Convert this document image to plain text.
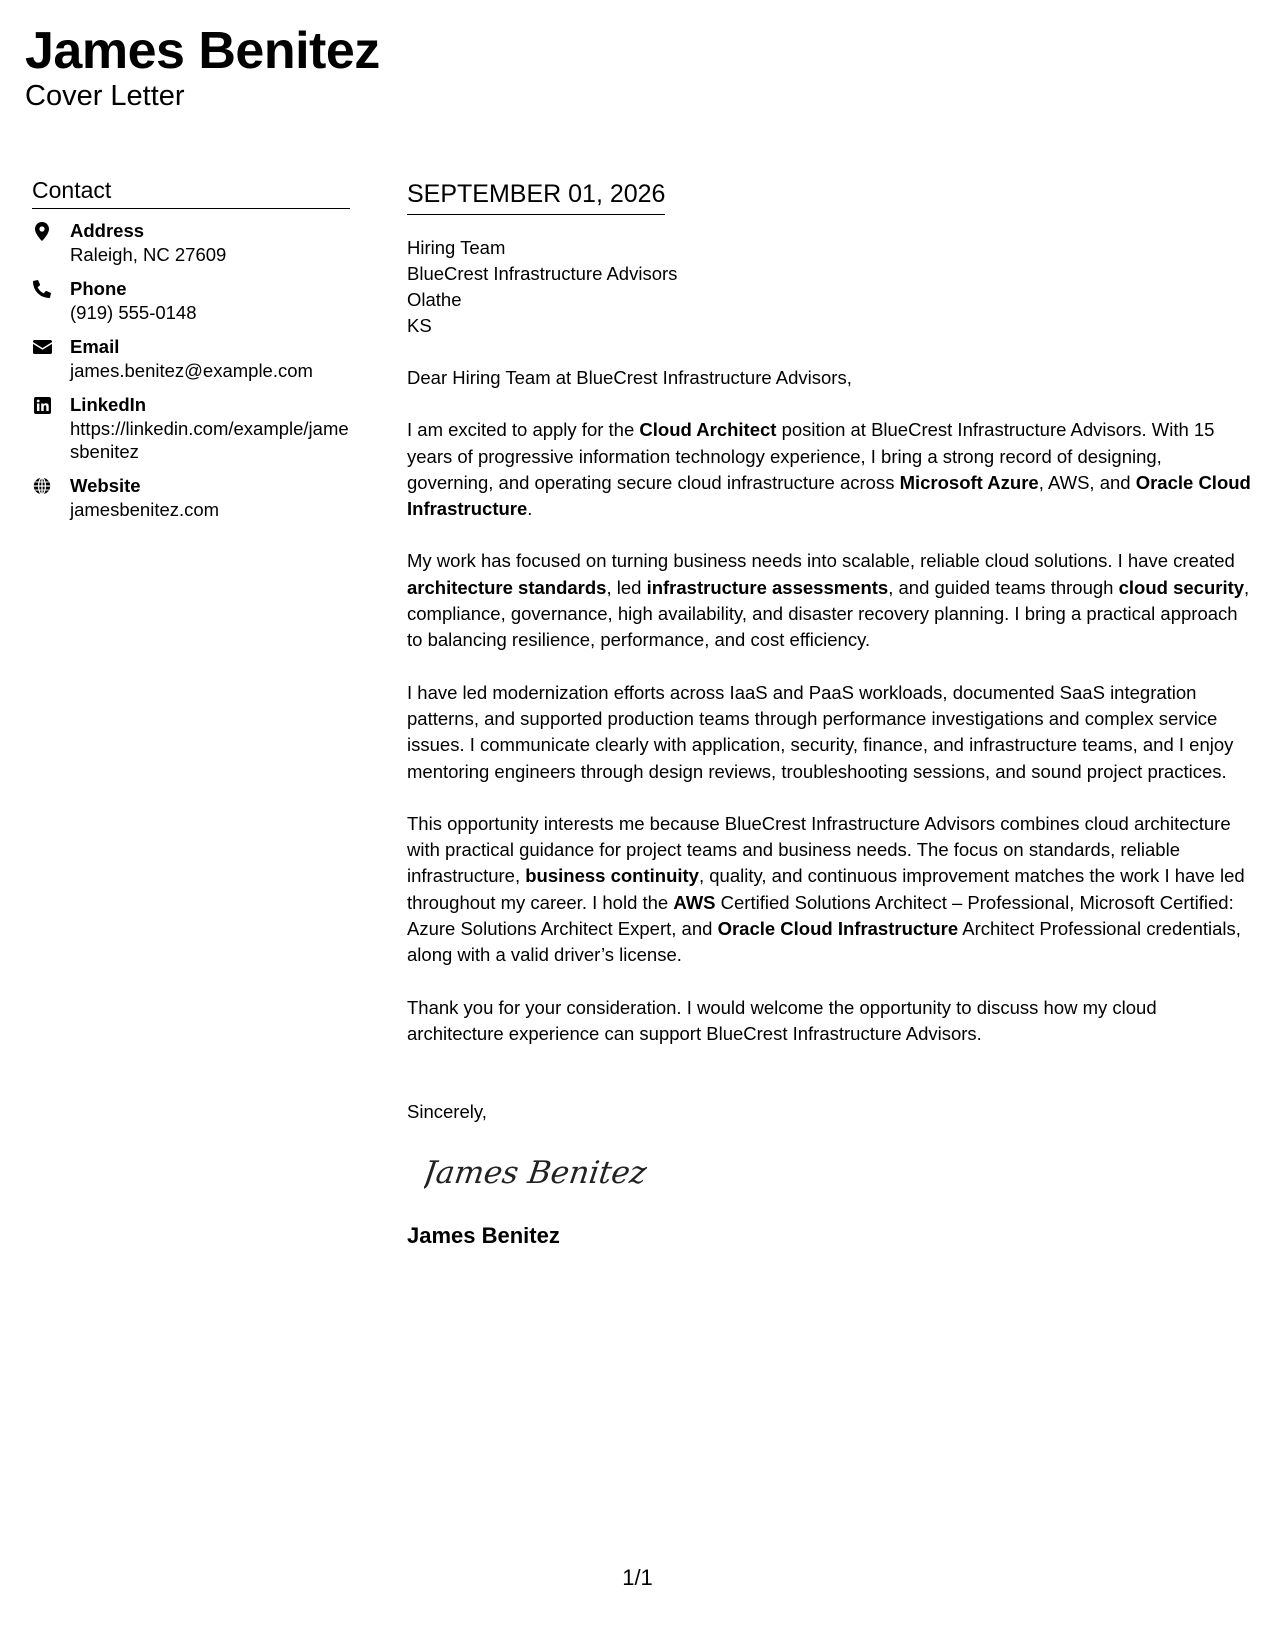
James Benitez
Cover Letter
Contact
Address
Raleigh, NC 27609
Phone
(919) 555-0148
Email
james.benitez@example.com
LinkedIn
https://linkedin.com/example/jamesbenitez
Website
jamesbenitez.com
SEPTEMBER 01, 2026
Hiring Team
BlueCrest Infrastructure Advisors
Olathe
KS

Dear Hiring Team at BlueCrest Infrastructure Advisors,

I am excited to apply for the Cloud Architect position at BlueCrest Infrastructure Advisors. With 15 years of progressive information technology experience, I bring a strong record of designing, governing, and operating secure cloud infrastructure across Microsoft Azure, AWS, and Oracle Cloud Infrastructure.

My work has focused on turning business needs into scalable, reliable cloud solutions. I have created architecture standards, led infrastructure assessments, and guided teams through cloud security, compliance, governance, high availability, and disaster recovery planning. I bring a practical approach to balancing resilience, performance, and cost efficiency.

I have led modernization efforts across IaaS and PaaS workloads, documented SaaS integration patterns, and supported production teams through performance investigations and complex service issues. I communicate clearly with application, security, finance, and infrastructure teams, and I enjoy mentoring engineers through design reviews, troubleshooting sessions, and sound project practices.

This opportunity interests me because BlueCrest Infrastructure Advisors combines cloud architecture with practical guidance for project teams and business needs. The focus on standards, reliable infrastructure, business continuity, quality, and continuous improvement matches the work I have led throughout my career. I hold the AWS Certified Solutions Architect – Professional, Microsoft Certified: Azure Solutions Architect Expert, and Oracle Cloud Infrastructure Architect Professional credentials, along with a valid driver’s license.

Thank you for your consideration. I would welcome the opportunity to discuss how my cloud architecture experience can support BlueCrest Infrastructure Advisors.

Sincerely,
James Benitez
James Benitez
1/1
